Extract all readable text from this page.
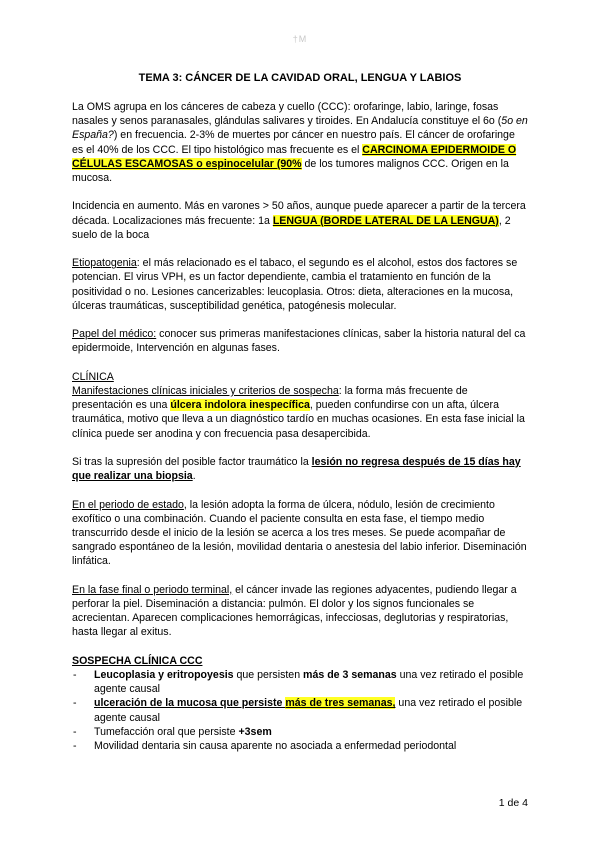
†M
TEMA 3: CÁNCER DE LA CAVIDAD ORAL, LENGUA Y LABIOS

La OMS agrupa en los cánceres de cabeza y cuello (CCC): orofaringe, labio, laringe, fosas nasales y senos paranasales, glándulas salivares y tiroides. En Andalucía constituye el 6o (5o en España?) en frecuencia. 2-3% de muertes por cáncer en nuestro país. El cáncer de orofaringe es el 40% de los CCC. El tipo histológico mas frecuente es el CARCINOMA EPIDERMOIDE O CÉLULAS ESCAMOSAS o espinocelular (90% de los tumores malignos CCC. Origen en la mucosa.

Incidencia en aumento. Más en varones > 50 años, aunque puede aparecer a partir de la tercera década. Localizaciones más frecuente: 1a LENGUA (BORDE LATERAL DE LA LENGUA), 2 suelo de la boca

Etiopatogenia: el más relacionado es el tabaco, el segundo es el alcohol, estos dos factores se potencian. El virus VPH, es un factor dependiente, cambia el tratamiento en función de la positividad o no. Lesiones cancerizables: leucoplasia. Otros: dieta, alteraciones en la mucosa, úlceras traumáticas, susceptibilidad genética, patogénesis molecular.

Papel del médico: conocer sus primeras manifestaciones clínicas, saber la historia natural del ca epidermoide, Intervención en algunas fases.

CLÍNICA

Manifestaciones clínicas iniciales y criterios de sospecha: la forma más frecuente de presentación es una úlcera indolora inespecífica, pueden confundirse con un afta, úlcera traumática, motivo que lleva a un diagnóstico tardío en muchas ocasiones. En esta fase inicial la clínica puede ser anodina y con frecuencia pasa desapercibida.

Si tras la supresión del posible factor traumático la lesión no regresa después de 15 días hay que realizar una biopsia.

En el periodo de estado, la lesión adopta la forma de úlcera, nódulo, lesión de crecimiento exofítico o una combinación. Cuando el paciente consulta en esta fase, el tiempo medio transcurrido desde el inicio de la lesión se acerca a los tres meses. Se puede acompañar de sangrado espontáneo de la lesión, movilidad dentaria o anestesia del labio inferior. Diseminación linfática.

En la fase final o periodo terminal, el cáncer invade las regiones adyacentes, pudiendo llegar a perforar la piel. Diseminación a distancia: pulmón. El dolor y los signos funcionales se acrecientan. Aparecen complicaciones hemorrágicas, infecciosas, deglutorias y respiratorias, hasta llegar al exitus.

SOSPECHA CLÍNICA CCC
- Leucoplasia y eritropoyesis que persisten más de 3 semanas una vez retirado el posible agente causal
- ulceración de la mucosa que persiste más de tres semanas, una vez retirado el posible agente causal
- Tumefacción oral que persiste +3sem
- Movilidad dentaria sin causa aparente no asociada a enfermedad periodontal
1 de 4
